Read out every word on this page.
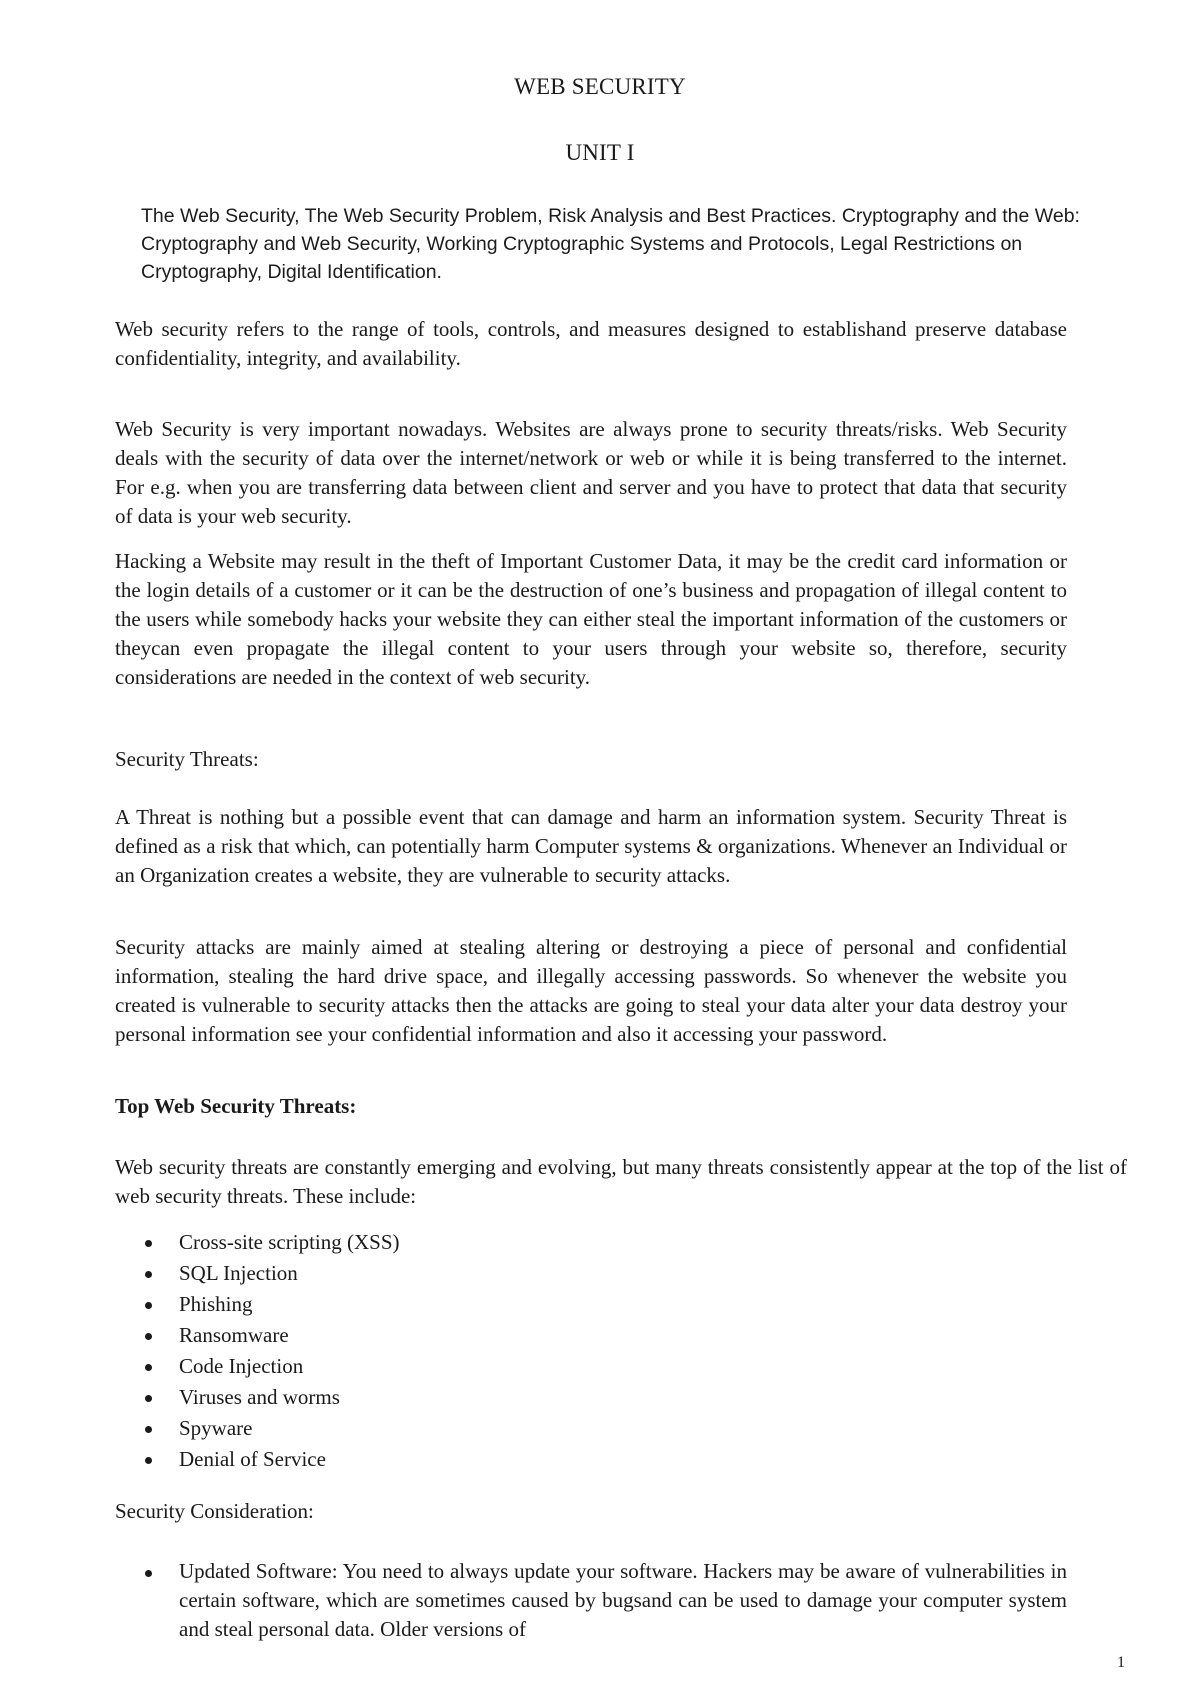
WEB SECURITY
UNIT I
The Web Security, The Web Security Problem, Risk Analysis and Best Practices. Cryptography and the Web: Cryptography and Web Security, Working Cryptographic Systems and Protocols, Legal Restrictions on Cryptography, Digital Identification.
Web security refers to the range of tools, controls, and measures designed to establishand preserve database confidentiality, integrity, and availability.
Web Security is very important nowadays. Websites are always prone to security threats/risks. Web Security deals with the security of data over the internet/network or web or while it is being transferred to the internet. For e.g. when you are transferring data between client and server and you have to protect that data that security of data is your web security.
Hacking a Website may result in the theft of Important Customer Data, it may be the credit card information or the login details of a customer or it can be the destruction of one’s business and propagation of illegal content to the users while somebody hacks your website they can either steal the important information of the customers or theycan even propagate the illegal content to your users through your website so, therefore, security considerations are needed in the context of web security.
Security Threats:
A Threat is nothing but a possible event that can damage and harm an information system. Security Threat is defined as a risk that which, can potentially harm Computer systems & organizations. Whenever an Individual or an Organization creates a website, they are vulnerable to security attacks.
Security attacks are mainly aimed at stealing altering or destroying a piece of personal and confidential information, stealing the hard drive space, and illegally accessing passwords. So whenever the website you created is vulnerable to security attacks then the attacks are going to steal your data alter your data destroy your personal information see your confidential information and also it accessing your password.
Top Web Security Threats:
Web security threats are constantly emerging and evolving, but many threats consistently appear at the top of the list of web security threats. These include:
Cross-site scripting (XSS)
SQL Injection
Phishing
Ransomware
Code Injection
Viruses and worms
Spyware
Denial of Service
Security Consideration:
Updated Software: You need to always update your software. Hackers may be aware of vulnerabilities in certain software, which are sometimes caused by bugsand can be used to damage your computer system and steal personal data. Older versions of
1
